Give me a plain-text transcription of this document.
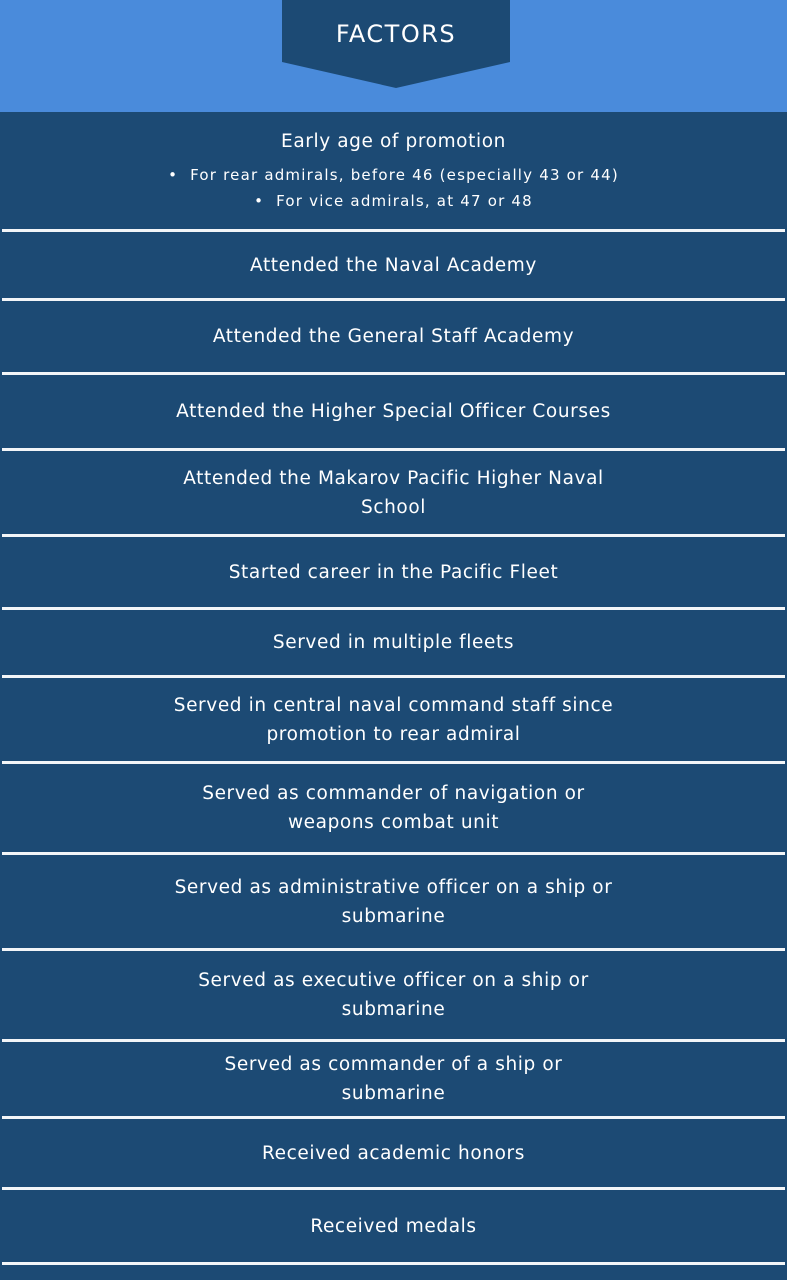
FACTORS
Early age of promotion
• For rear admirals, before 46 (especially 43 or 44)
• For vice admirals, at 47 or 48
Attended the Naval Academy
Attended the General Staff Academy
Attended the Higher Special Officer Courses
Attended the Makarov Pacific Higher Naval School
Started career in the Pacific Fleet
Served in multiple fleets
Served in central naval command staff since promotion to rear admiral
Served as commander of navigation or weapons combat unit
Served as administrative officer on a ship or submarine
Served as executive officer on a ship or submarine
Served as commander of a ship or submarine
Received academic honors
Received medals
